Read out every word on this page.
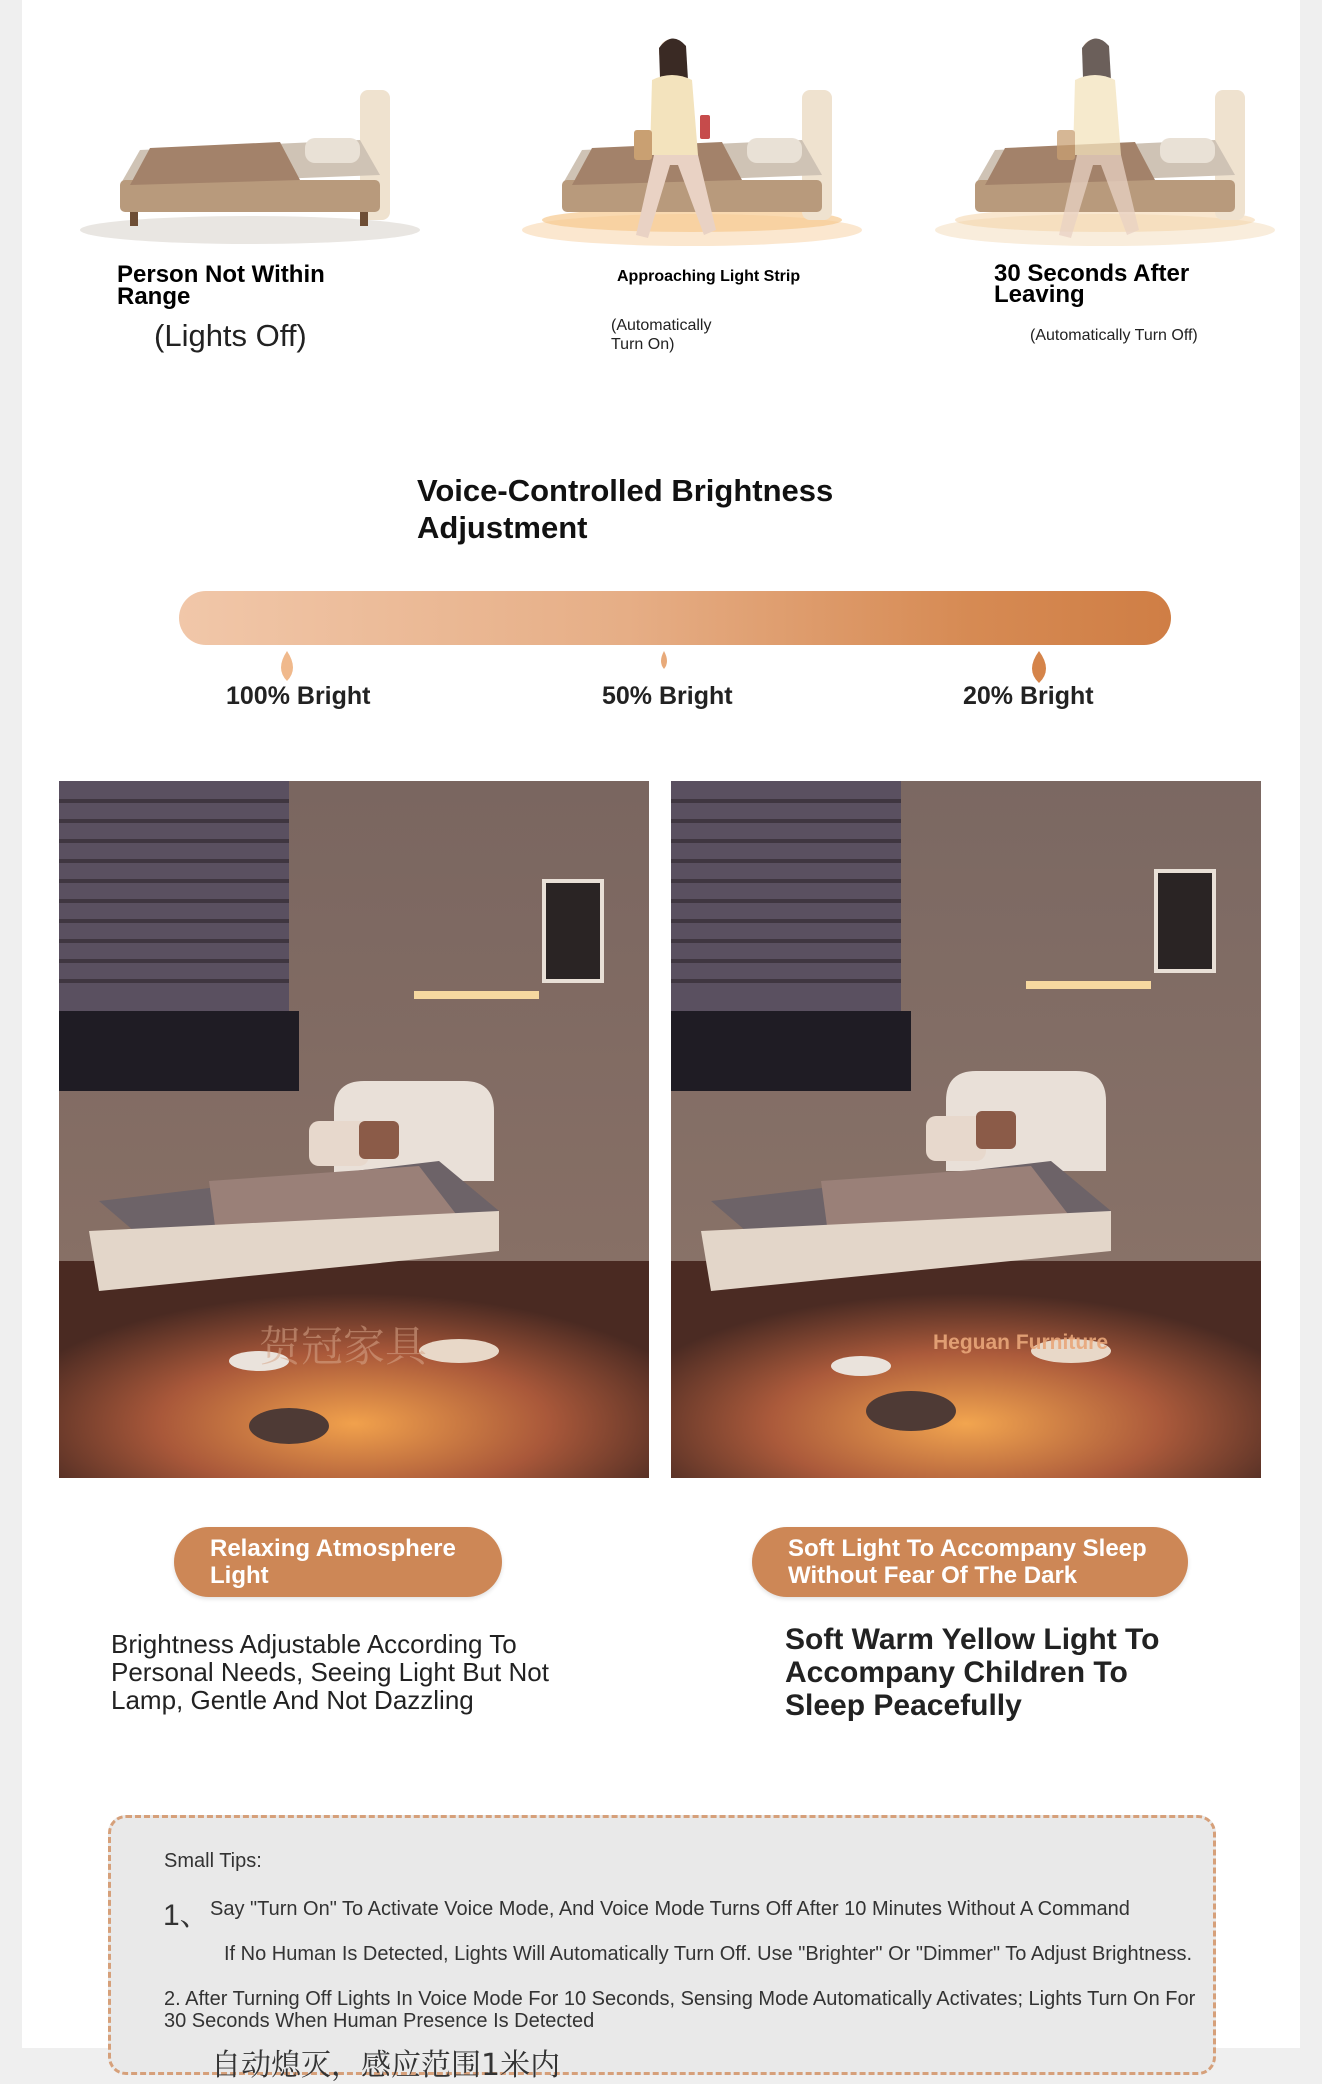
Person Not Within Range
(Lights Off)
Approaching Light Strip
(Automatically Turn On)
30 Seconds After Leaving
(Automatically Turn Off)
Voice-Controlled Brightness Adjustment
100% Bright	50% Bright	20% Bright
贺冠家具	Heguan Furniture
Relaxing Atmosphere Light
Soft Light To Accompany Sleep Without Fear Of The Dark
Brightness Adjustable According To Personal Needs, Seeing Light But Not Lamp, Gentle And Not Dazzling
Soft Warm Yellow Light To Accompany Children To Sleep Peacefully
Small Tips:
1、 Say "Turn On" To Activate Voice Mode, And Voice Mode Turns Off After 10 Minutes Without A Command
If No Human Is Detected, Lights Will Automatically Turn Off. Use "Brighter" Or "Dimmer" To Adjust Brightness.
2. After Turning Off Lights In Voice Mode For 10 Seconds, Sensing Mode Automatically Activates; Lights Turn On For 30 Seconds When Human Presence Is Detected
自动熄灭，感应范围1米内
